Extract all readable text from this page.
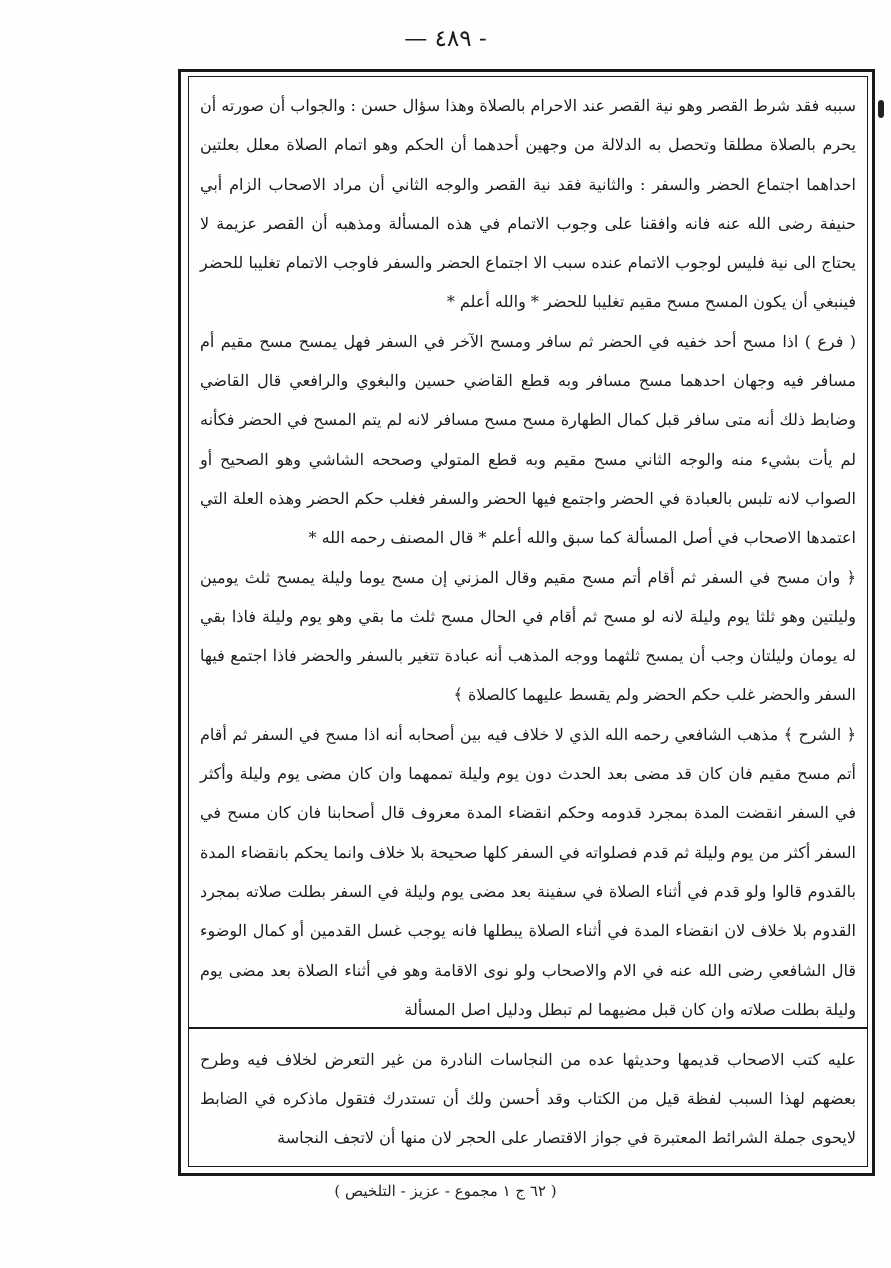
— ٤٨٩ -

سببه فقد شرط القصر وهو نية القصر عند الاحرام بالصلاة وهذا سؤال حسن : والجواب أن صورته أن يحرم بالصلاة مطلقا وتحصل به الدلالة من وجهين أحدهما أن الحكم وهو اتمام الصلاة معلل بعلتين احداهما اجتماع الحضر والسفر : والثانية فقد نية القصر والوجه الثاني أن مراد الاصحاب الزام أبي حنيفة رضى الله عنه فانه وافقنا على وجوب الاتمام في هذه المسألة ومذهبه أن القصر عزيمة لا يحتاج الى نية فليس لوجوب الاتمام عنده سبب الا اجتماع الحضر والسفر فاوجب الاتمام تغليبا للحضر فينبغي أن يكون المسح مسح مقيم تغليبا للحضر * والله أعلم *

( فرع ) اذا مسح أحد خفيه في الحضر ثم سافر ومسح الآخر في السفر فهل يمسح مسح مقيم أم مسافر فيه وجهان احدهما مسح مسافر وبه قطع القاضي حسين والبغوي والرافعي قال القاضي وضابط ذلك أنه متى سافر قبل كمال الطهارة مسح مسح مسافر لانه لم يتم المسح في الحضر فكأنه لم يأت بشيء منه والوجه الثاني مسح مقيم وبه قطع المتولي وصححه الشاشي وهو الصحيح أو الصواب لانه تلبس بالعبادة في الحضر واجتمع فيها الحضر والسفر فغلب حكم الحضر وهذه العلة التي اعتمدها الاصحاب في أصل المسألة كما سبق والله أعلم * قال المصنف رحمه الله *

﴿ وان مسح في السفر ثم أقام أتم مسح مقيم وقال المزني إن مسح يوما وليلة يمسح ثلث يومين وليلتين وهو ثلثا يوم وليلة لانه لو مسح ثم أقام في الحال مسح ثلث ما بقي وهو يوم وليلة فاذا بقي له يومان وليلتان وجب أن يمسح ثلثهما ووجه المذهب أنه عبادة تتغير بالسفر والحضر فاذا اجتمع فيها السفر والحضر غلب حكم الحضر ولم يقسط عليهما كالصلاة ﴾

﴿ الشرح ﴾ مذهب الشافعي رحمه الله الذي لا خلاف فيه بين أصحابه أنه اذا مسح في السفر ثم أقام أتم مسح مقيم فان كان قد مضى بعد الحدث دون يوم وليلة تممهما وان كان مضى يوم وليلة وأكثر في السفر انقضت المدة بمجرد قدومه وحكم انقضاء المدة معروف قال أصحابنا فان كان مسح في السفر أكثر من يوم وليلة ثم قدم فصلواته في السفر كلها صحيحة بلا خلاف وانما يحكم بانقضاء المدة بالقدوم قالوا ولو قدم في أثناء الصلاة في سفينة بعد مضى يوم وليلة في السفر بطلت صلاته بمجرد القدوم بلا خلاف لان انقضاء المدة في أثناء الصلاة يبطلها فانه يوجب غسل القدمين أو كمال الوضوء قال الشافعي رضى الله عنه في الام والاصحاب ولو نوى الاقامة وهو في أثناء الصلاة بعد مضى يوم وليلة بطلت صلاته وان كان قبل مضيهما لم تبطل ودليل اصل المسألة

عليه كتب الاصحاب قديمها وحديثها عده من النجاسات النادرة من غير التعرض لخلاف فيه وطرح بعضهم لهذا السبب لفظة قيل من الكتاب وقد أحسن ولك أن تستدرك فتقول ماذكره في الضابط لايحوى جملة الشرائط المعتبرة في جواز الاقتصار على الحجر لان منها أن لاتجف النجاسة
( ٦٢ ج ١ مجموع - عزيز - التلخيص )
